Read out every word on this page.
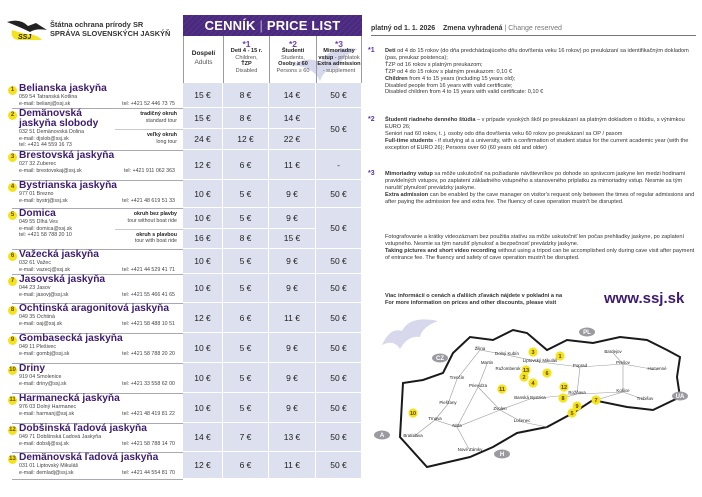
SSJ
Štátna ochrana prírody SR
SPRÁVA SLOVENSKÝCH JASKÝŇ
CENNÍK | PRICE LIST
Dospelí
Adults
*1
Deti 4 - 15 r.
Children,
ŤZP
Disabled
*2
Študenti
Students,
Osoby ≥ 60
Persons ≥ 60
*3
Mimoriadny
vstup - príplatok
Extra admission
- supplement
1 Belianska jaskyňa
059 54 Tatranská Kotlina
e-mail: belianj@ssj.sk	tel: +421 52 446 73 75
15 €	8 €	14 €	50 €
2 Demänovská
jaskyňa slobody
032 51 Demänovská Dolina
e-mail: djslob@ssj.sk
tel: +421 44 559 16 73
tradičný okruh
standard tour	15 €	8 €	14 €
veľký okruh
long tour	24 €	12 €	22 €
50 €
3 Brestovská jaskyňa
027 32 Zuberec
e-mail: brestovskaj@ssj.sk	tel: +421 911 062 363
12 €	6 €	11 €	-
4 Bystrianska jaskyňa
977 01 Brezno
e-mail: bystrj@ssj.sk	tel: +421 48 619 51 33
10 €	5 €	9 €	50 €
5 Domica
049 55 Dlhá Ves
e-mail: domica@ssj.sk
tel: +421 58 788 20 10
okruh bez plavby
tour without boat ride	10 €	5 €	9 €
okruh s plavbou
tour with boat ride	16 €	8 €	15 €
50 €
6 Važecká jaskyňa
032 61 Važec
e-mail: vazecj@ssj.sk	tel: +421 44 529 41 71
10 €	5 €	9 €	50 €
7 Jasovská jaskyňa
044 23 Jasov
e-mail: jasovj@ssj.sk	tel: +421 55 466 41 65
10 €	5 €	9 €	50 €
8 Ochtinská aragonitová jaskyňa
049 35 Ochtiná
e-mail: oaj@ssj.sk	tel: +421 58 488 10 51
12 €	6 €	11 €	50 €
9 Gombasecká jaskyňa
049 11 Plešivec
e-mail: gombj@ssj.sk	tel: +421 58 788 20 20
10 €	5 €	9 €	50 €
10 Driny
919 04 Smolenice
e-mail: driny@ssj.sk	tel: +421 33 558 62 00
10 €	5 €	9 €	50 €
11 Harmanecká jaskyňa
976 03 Dolný Harmanec
e-mail: harmanj@ssj.sk	tel: +421 48 419 81 22
10 €	5 €	9 €	50 €
12 Dobšinská ľadová jaskyňa
049 71 Dobšinská Ľadová Jaskyňa
e-mail: dobslj@ssj.sk	tel: +421 58 788 14 70
14 €	7 €	13 €	50 €
13 Demänovská ľadová jaskyňa
031 01 Liptovský Mikuláš
e-mail: demladj@ssj.sk	tel: +421 44 554 81 70
12 €	6 €	11 €	50 €
platný od 1. 1. 2026 Zmena vyhradená | Change reserved
*1 Deti od 4 do 15 rokov (do dňa predchádzajúceho dňu dovŕšenia veku 16 rokov) po preukázaní sa identifikačným dokladom (pas, preukaz poistenca);
ŤZP od 16 rokov s platným preukazom;
ŤZP od 4 do 15 rokov s platným preukazom: 0,10 €
Children from 4 to 15 years (including 15 years old);
Disabled people from 16 years with valid certificate;
Disabled children from 4 to 15 years with valid certificate: 0,10 €
*2 Študenti riadneho denného štúdia – v prípade vysokých škôl po preukázaní sa platným dokladom o štúdiu, s výnimkou EURO 26;
Seniori nad 60 rokov, t. j. osoby odo dňa dovŕšenia veku 60 rokov po preukázaní sa OP / pasom
Full-time students - if studying at a university, with a confirmation of student status for the current academic year (with the exception of EURO 26); Persons over 60 (60 years old and older)
*3 Mimoriadny vstup sa môže uskutočniť na požiadanie návštevníkov po dohode so správcom jaskyne len medzi hodinami pravidelných vstupov, po zaplatení základného vstupného a stanoveného príplatku za mimoriadny vstup. Nesmie sa tým narušiť plynulosť prevádzky jaskyne.
Extra admission can be enabled by the cave manager on visitor's request only between the times of regular admissions and after paying the admission fee and extra fee. The fluency of cave operation mustn't be disrupted.
Fotografovanie a krátky videozáznam bez použitia statívu sa môže uskutočniť len počas prehliadky jaskyne, po zaplatení vstupného. Nesmie sa tým narušiť plynulosť a bezpečnosť prevádzky jaskyne.
Taking pictures and short video recording without using a tripod can be accomplished only during cave visit after payment of entrance fee. The fluency and safety of cave operation mustn't be disrupted.
Viac informácií o cenách a ďalších zľavách nájdete v pokladni a na
For more information on prices and other discounts, please visit	www.ssj.sk
PL
CZ
A
H
UA
Žilina
Martin
Dolný Kubín
Liptovský Mikuláš
Ružomberok
Poprad
Trenčín
Prievidza
Piešťany
Trnava
Nitra
Bratislava
Zvolen
Banská Bystrica
Lučenec
Rožňava	Košice
Prešov
Nové Zámky
Bardejov
Humenné
Trebišov
1
2
3
4
5
6
7
8
9
10
11	12
13
